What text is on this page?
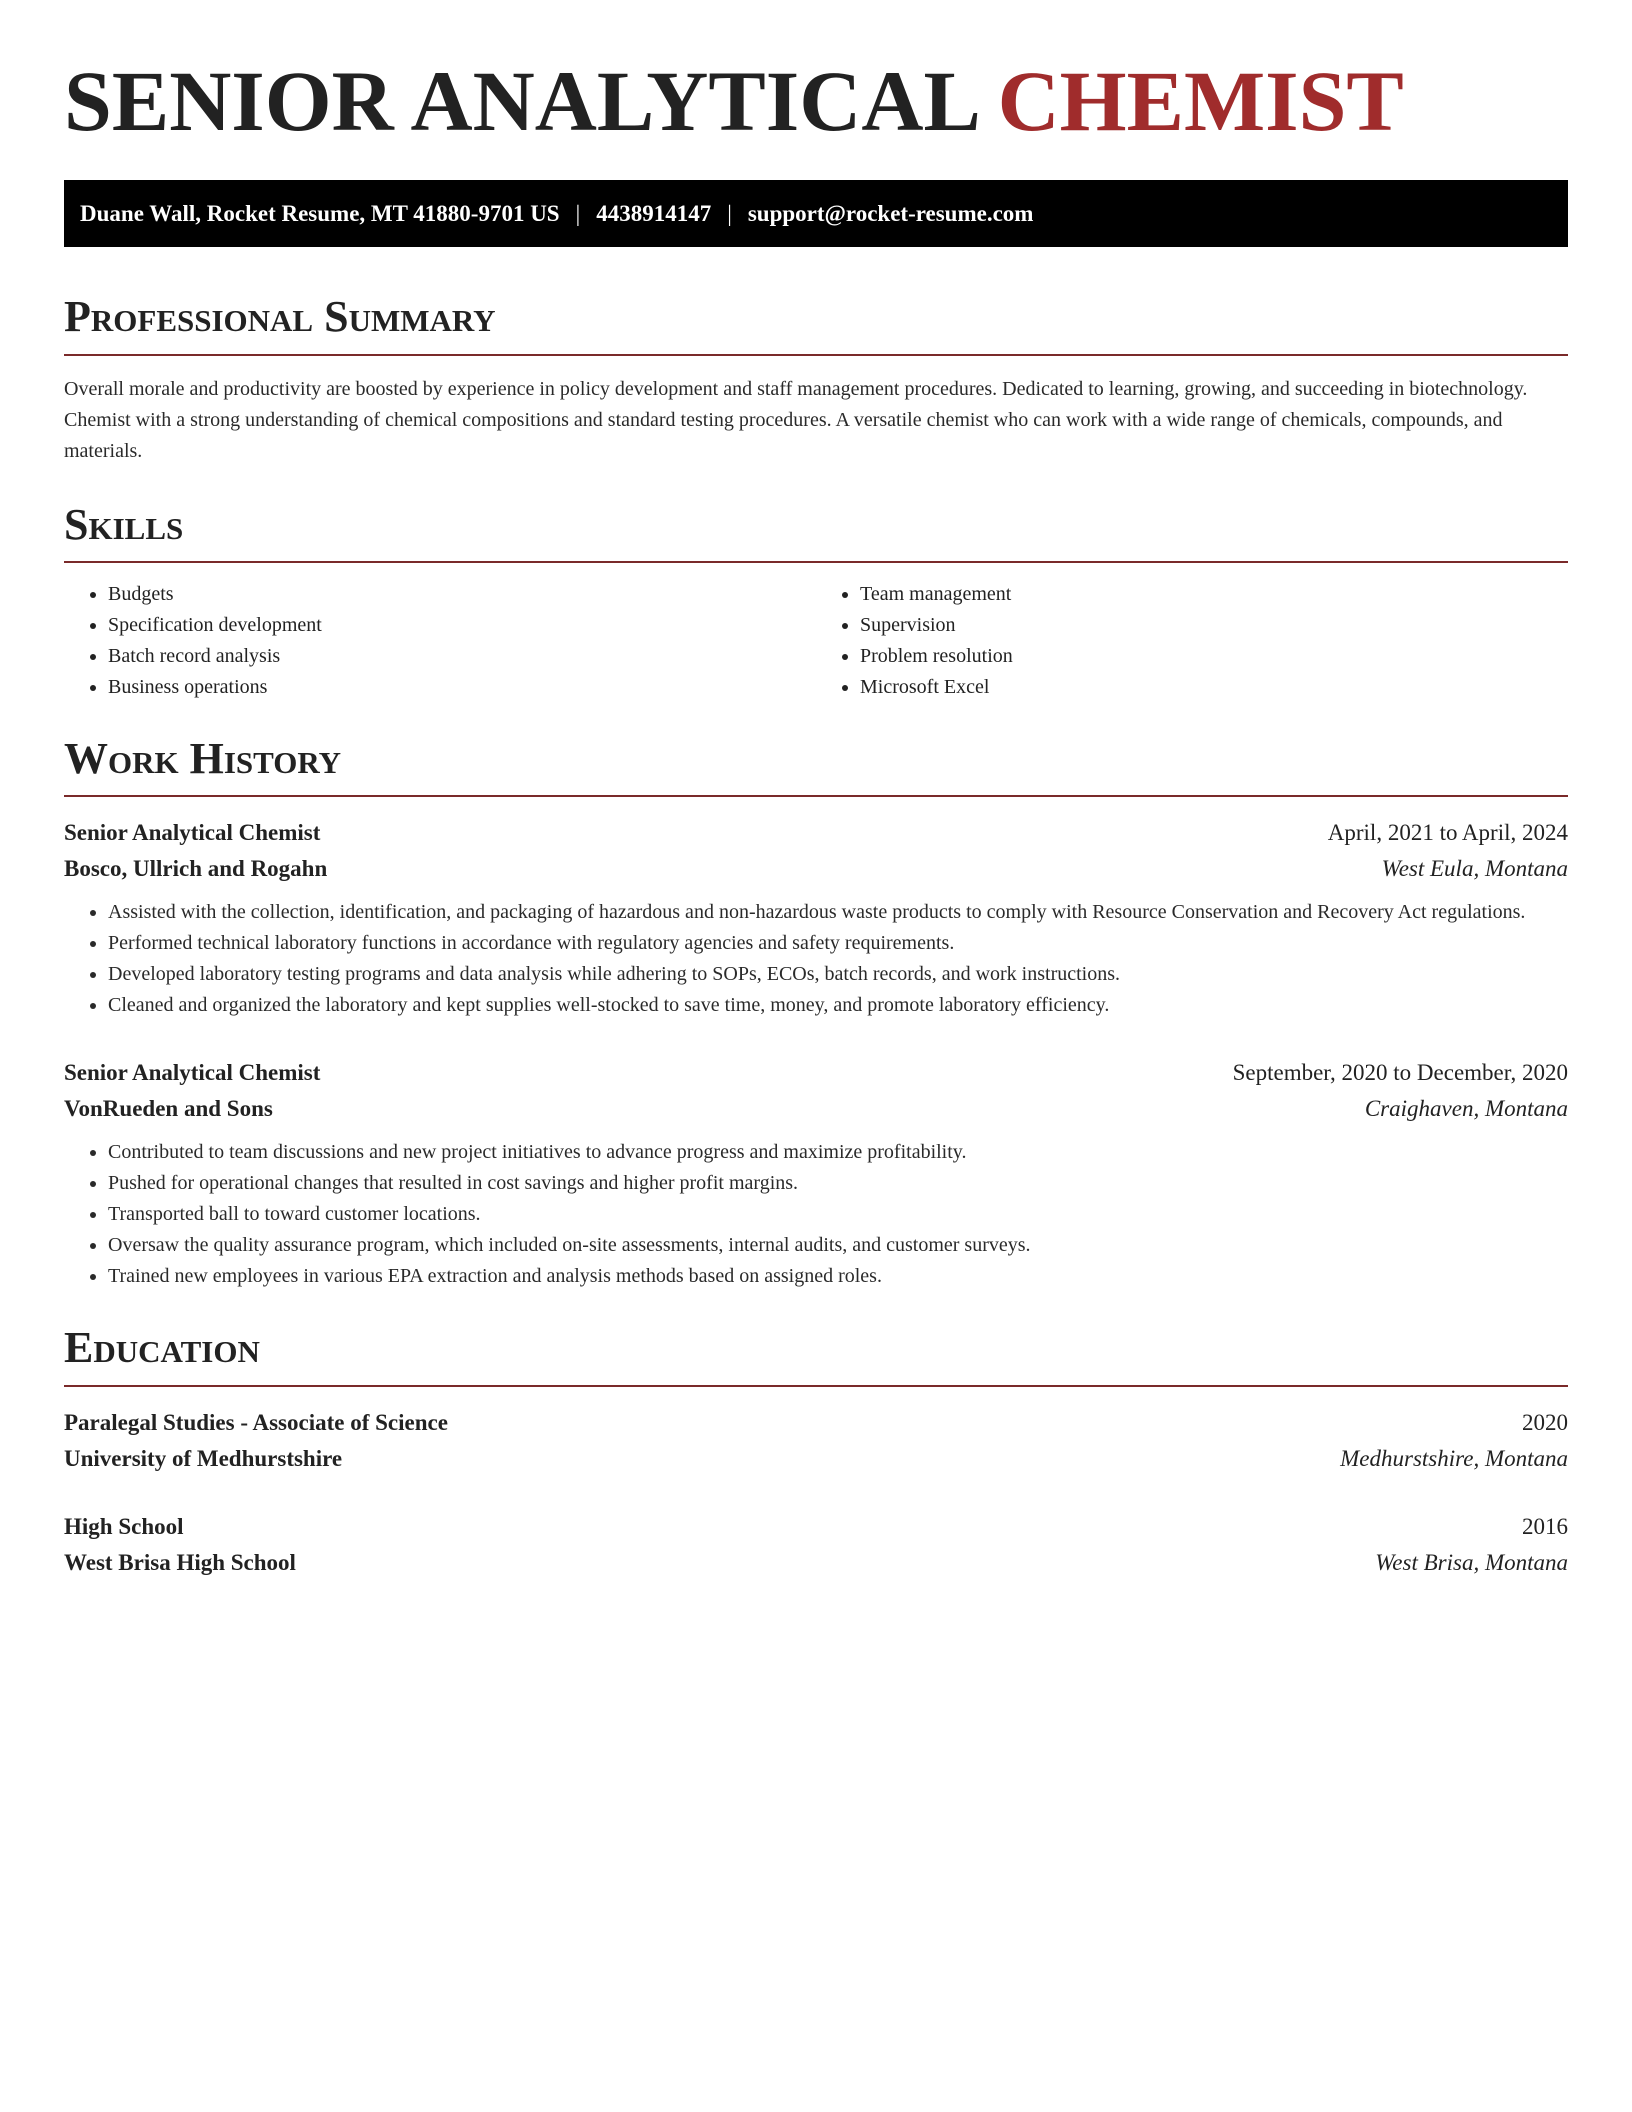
SENIOR ANALYTICAL CHEMIST
Duane Wall, Rocket Resume, MT 41880-9701 US | 4438914147 | support@rocket-resume.com
Professional Summary

Overall morale and productivity are boosted by experience in policy development and staff management procedures. Dedicated to learning, growing, and succeeding in biotechnology. Chemist with a strong understanding of chemical compositions and standard testing procedures. A versatile chemist who can work with a wide range of chemicals, compounds, and materials.

Skills
• Budgets
• Specification development
• Batch record analysis
• Business operations
• Team management
• Supervision
• Problem resolution
• Microsoft Excel
Work History
Senior Analytical Chemist	April, 2021 to April, 2024
Bosco, Ullrich and Rogahn	West Eula, Montana
• Assisted with the collection, identification, and packaging of hazardous and non-hazardous waste products to comply with Resource Conservation and Recovery Act regulations.
• Performed technical laboratory functions in accordance with regulatory agencies and safety requirements.
• Developed laboratory testing programs and data analysis while adhering to SOPs, ECOs, batch records, and work instructions.
• Cleaned and organized the laboratory and kept supplies well-stocked to save time, money, and promote laboratory efficiency.
Senior Analytical Chemist	September, 2020 to December, 2020
VonRueden and Sons	Craighaven, Montana
• Contributed to team discussions and new project initiatives to advance progress and maximize profitability.
• Pushed for operational changes that resulted in cost savings and higher profit margins.
• Transported ball to toward customer locations.
• Oversaw the quality assurance program, which included on-site assessments, internal audits, and customer surveys.
• Trained new employees in various EPA extraction and analysis methods based on assigned roles.
Education
Paralegal Studies - Associate of Science	2020
University of Medhurstshire	Medhurstshire, Montana
High School	2016
West Brisa High School	West Brisa, Montana
